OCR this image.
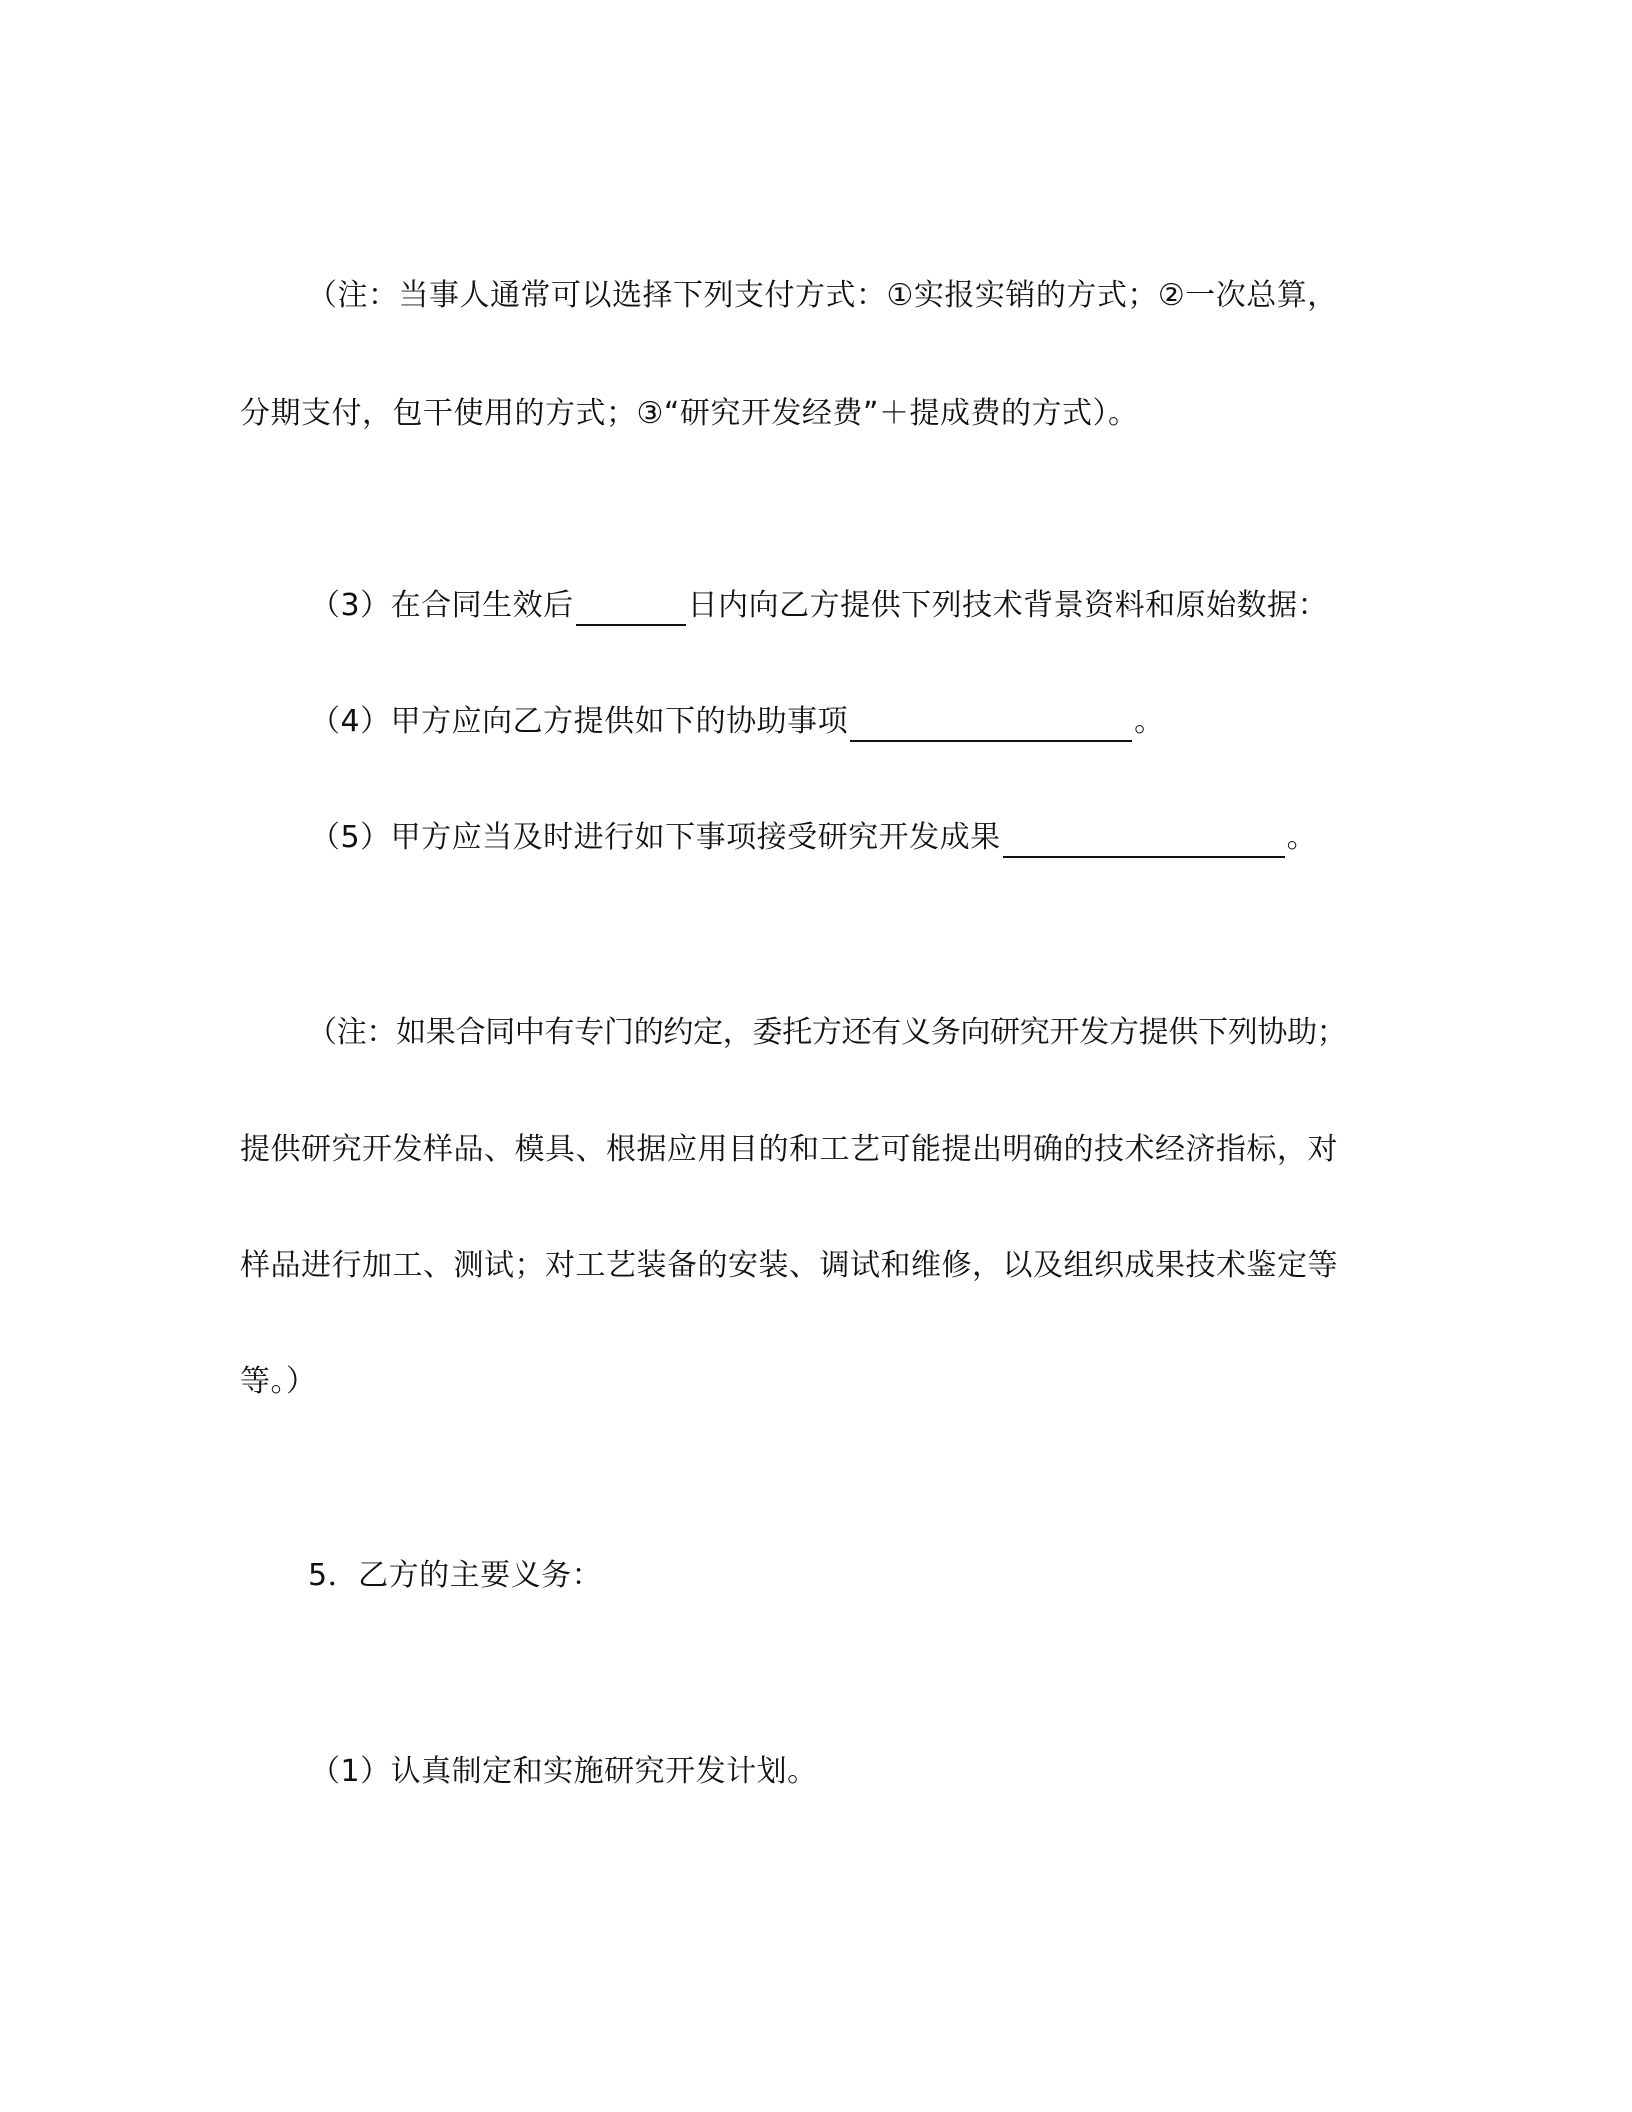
（注：当事人通常可以选择下列支付方式：①实报实销的方式；②一次总算，
分期支付，包干使用的方式；③“研究开发经费”＋提成费的方式）。
（3）在合同生效后	日内向乙方提供下列技术背景资料和原始数据：
（4）甲方应向乙方提供如下的协助事项	。
（5）甲方应当及时进行如下事项接受研究开发成果	。
（注：如果合同中有专门的约定，委托方还有义务向研究开发方提供下列协助；
提供研究开发样品、模具、根据应用目的和工艺可能提出明确的技术经济指标，对
样品进行加工、测试；对工艺装备的安装、调试和维修，以及组织成果技术鉴定等
等。）
5．乙方的主要义务：
（1）认真制定和实施研究开发计划。
